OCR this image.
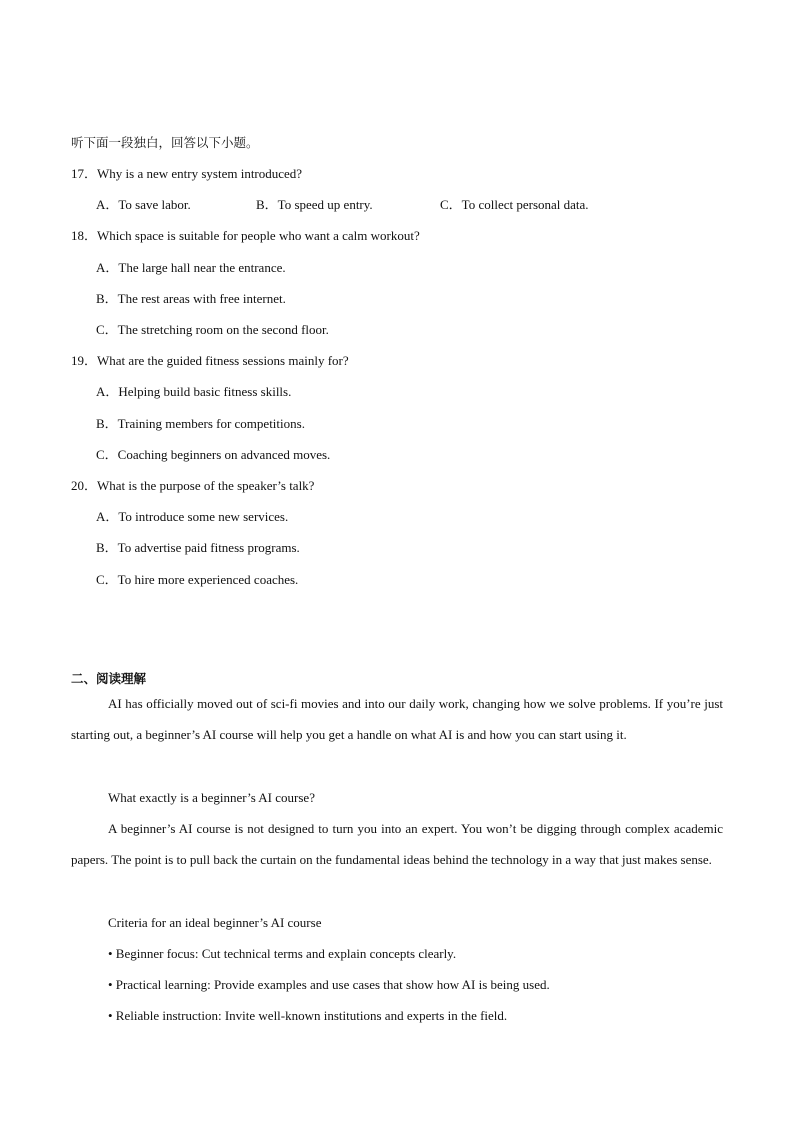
听下面一段独白，回答以下小题。
17．Why is a new entry system introduced?
A．To save labor.	B．To speed up entry.	C．To collect personal data.
18．Which space is suitable for people who want a calm workout?
A．The large hall near the entrance.
B．The rest areas with free internet.
C．The stretching room on the second floor.
19．What are the guided fitness sessions mainly for?
A．Helping build basic fitness skills.
B．Training members for competitions.
C．Coaching beginners on advanced moves.
20．What is the purpose of the speaker’s talk?
A．To introduce some new services.
B．To advertise paid fitness programs.
C．To hire more experienced coaches.
二、阅读理解
AI has officially moved out of sci-fi movies and into our daily work, changing how we solve problems. If you’re just starting out, a beginner’s AI course will help you get a handle on what AI is and how you can start using it.
What exactly is a beginner’s AI course?
A beginner’s AI course is not designed to turn you into an expert. You won’t be digging through complex academic papers. The point is to pull back the curtain on the fundamental ideas behind the technology in a way that just makes sense.
Criteria for an ideal beginner’s AI course
• Beginner focus: Cut technical terms and explain concepts clearly.
• Practical learning: Provide examples and use cases that show how AI is being used.
• Reliable instruction: Invite well-known institutions and experts in the field.
